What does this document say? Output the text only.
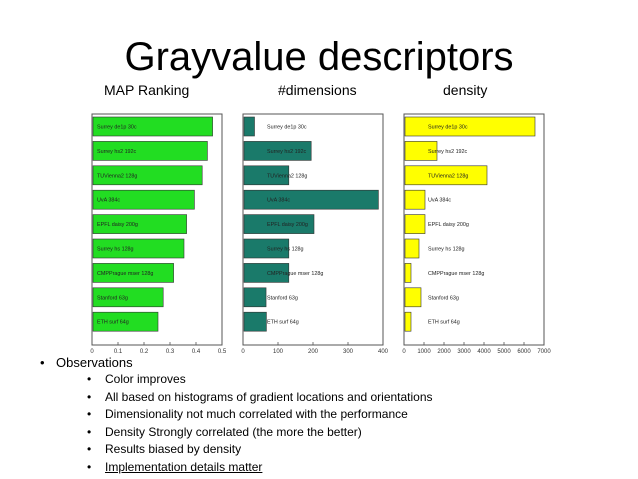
Grayvalue descriptors
MAP Ranking	#dimensions	density
Surrey de1p 30c
Surrey hs2 192c
TUVienna2 128g
UvA 384c
EPFL daisy 200g
Surrey hs 128g
CMPPrague mser 128g
Stanford 63g
ETH surf 64g
0	0.1	0.2	0.3	0.4	0.5
Surrey de1p 30c
Surrey hs2 192c
TUVienna2 128g
UvA 384c
EPFL daisy 200g
Surrey hs 128g
CMPPrague mser 128g
Stanford 63g
ETH surf 64g
0	100	200	300	400
Surrey de1p 30c
Surrey hs2 192c
TUVienna2 128g
UvA 384c
EPFL daisy 200g
Surrey hs 128g
CMPPrague mser 128g
Stanford 63g
ETH surf 64g
0 1000 2000 3000 4000 5000 6000 7000
• Observations
• Color improves
• All based on histograms of gradient locations and orientations
• Dimensionality not much correlated with the performance
• Density Strongly correlated (the more the better)
• Results biased by density
• Implementation details matter
